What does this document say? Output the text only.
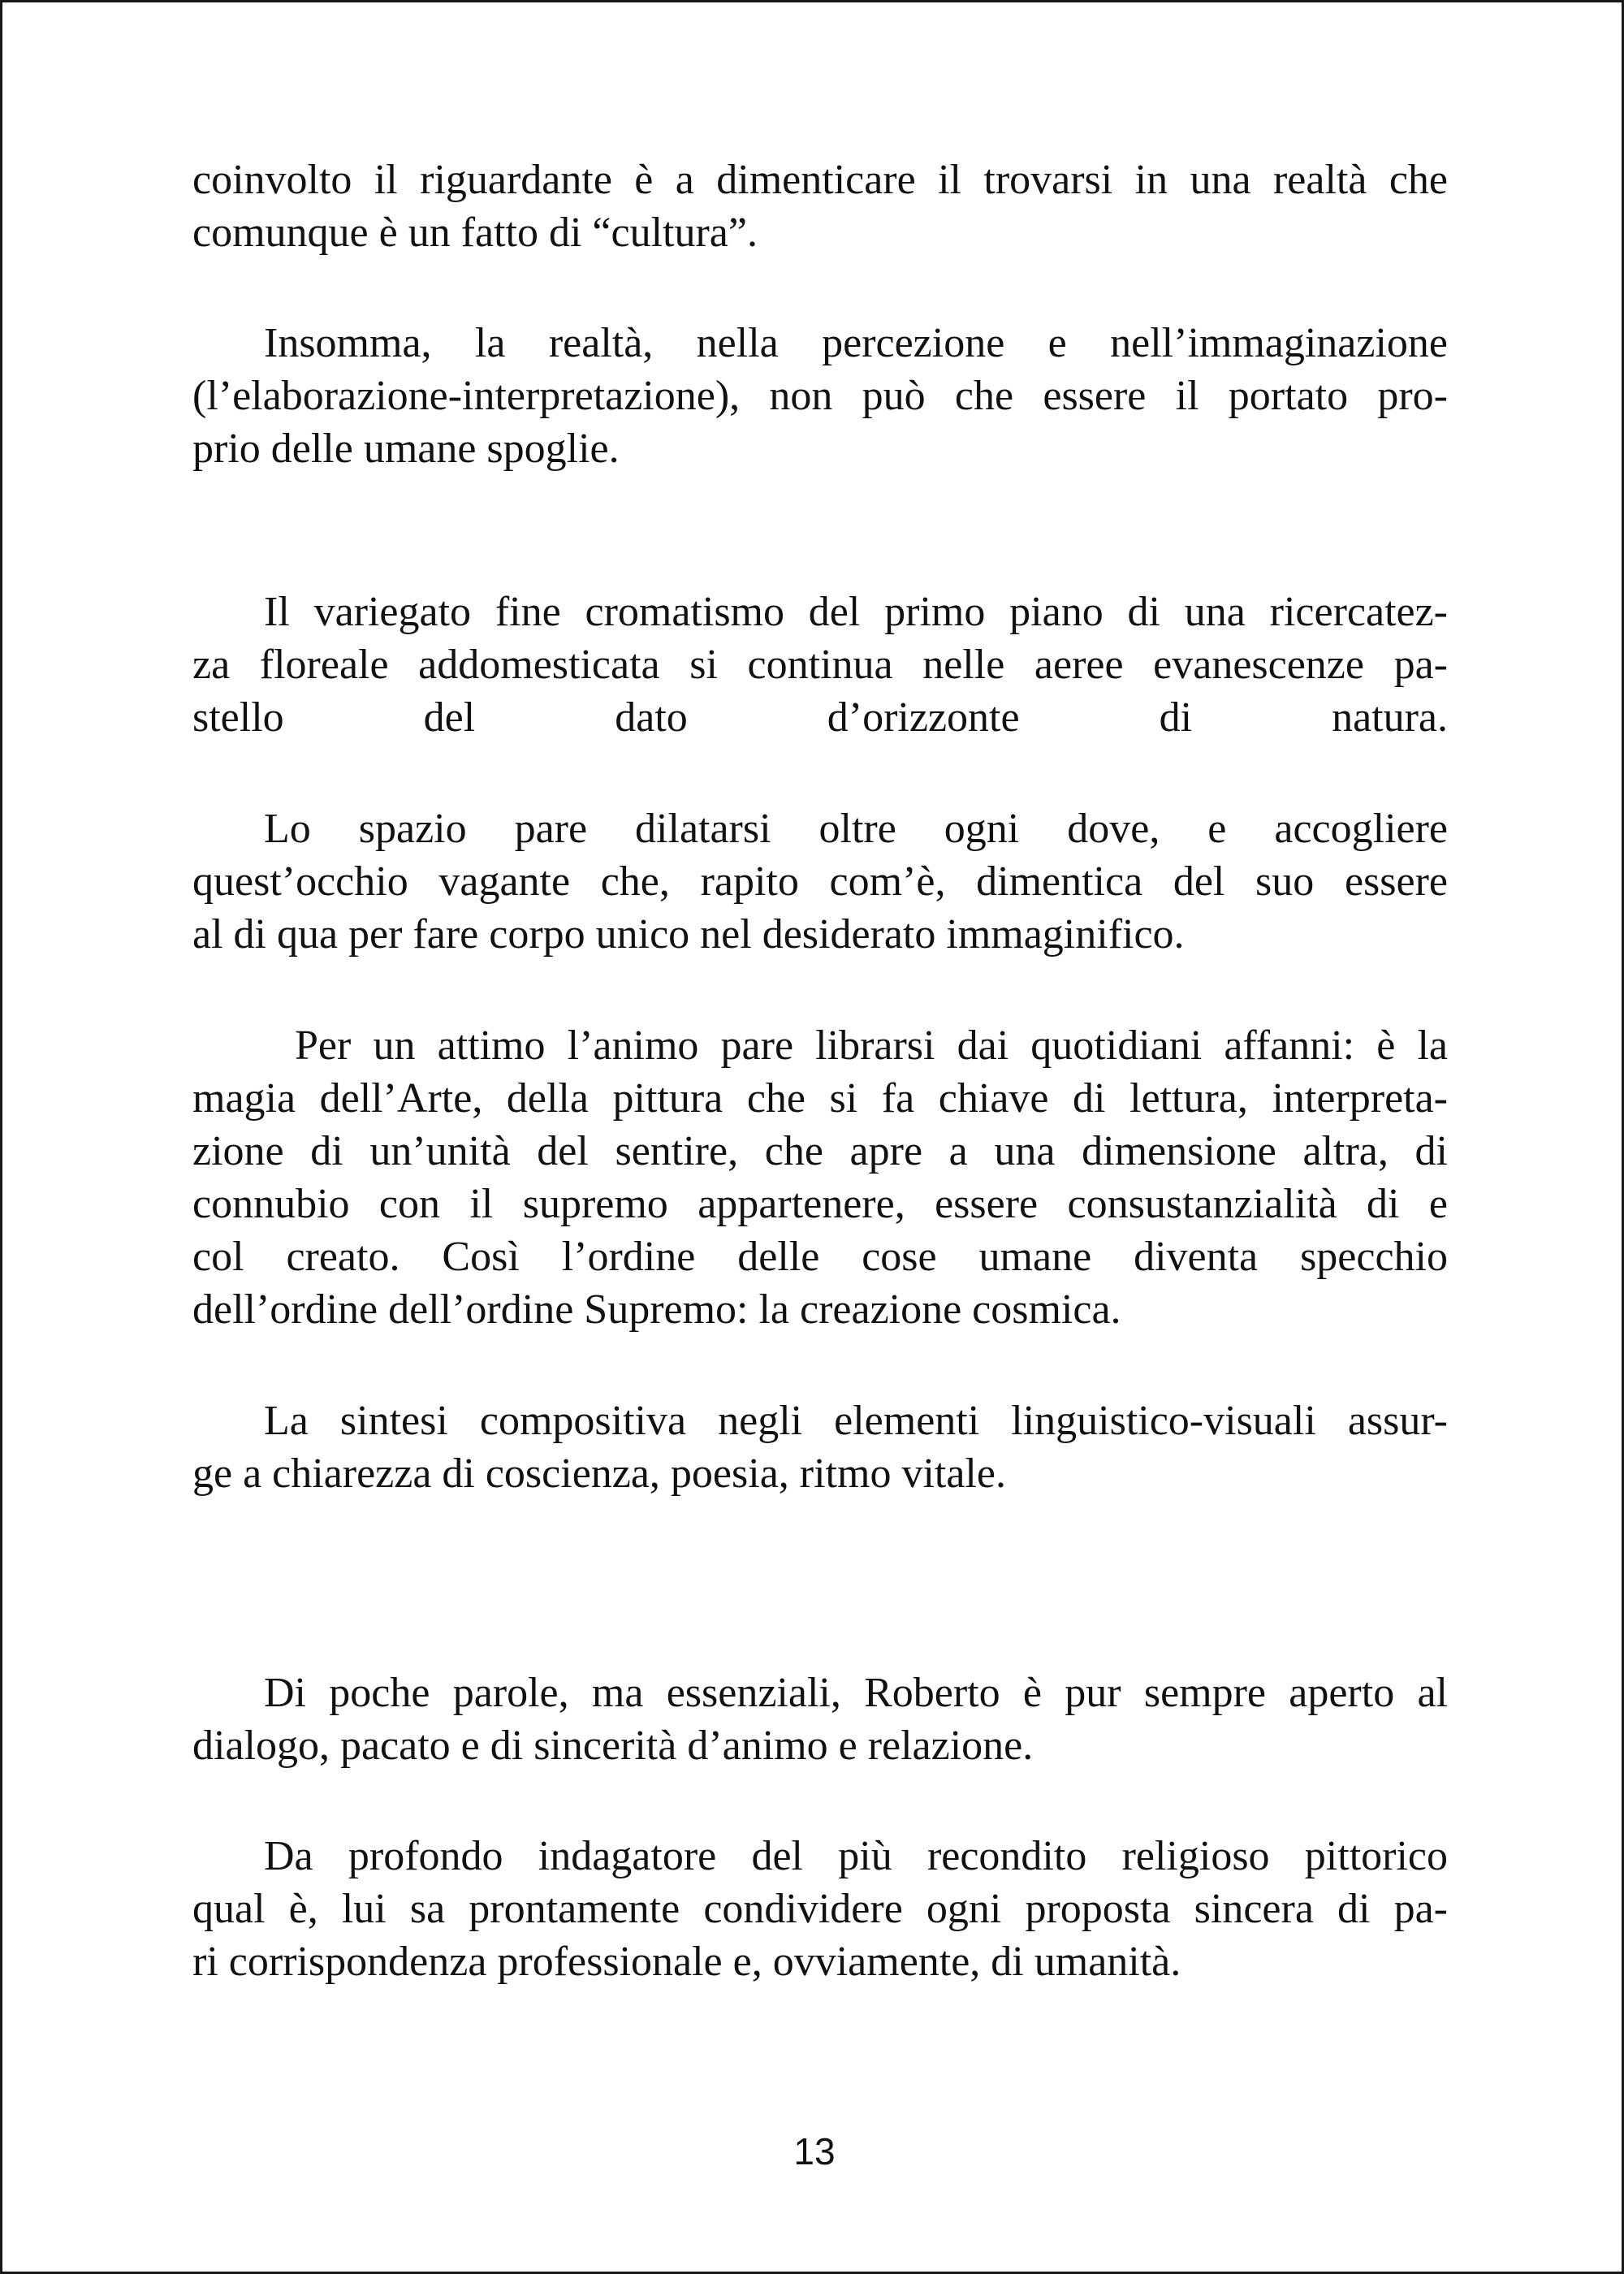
coinvolto il riguardante è a dimenticare il trovarsi in una realtà che
comunque è un fatto di “cultura”.

Insomma, la realtà, nella percezione e nell’immaginazione
(l’elaborazione-interpretazione), non può che essere il portato pro-
prio delle umane spoglie.

Il variegato fine cromatismo del primo piano di una ricercatez-
za floreale addomesticata si continua nelle aeree evanescenze pa-
stello del dato d’orizzonte di natura.

Lo spazio pare dilatarsi oltre ogni dove, e accogliere
quest’occhio vagante che, rapito com’è, dimentica del suo essere
al di qua per fare corpo unico nel desiderato immaginifico.

Per un attimo l’animo pare librarsi dai quotidiani affanni: è la
magia dell’Arte, della pittura che si fa chiave di lettura, interpreta-
zione di un’unità del sentire, che apre a una dimensione altra, di
connubio con il supremo appartenere, essere consustanzialità di e
col creato. Così l’ordine delle cose umane diventa specchio
dell’ordine dell’ordine Supremo: la creazione cosmica.

La sintesi compositiva negli elementi linguistico-visuali assur-
ge a chiarezza di coscienza, poesia, ritmo vitale.

Di poche parole, ma essenziali, Roberto è pur sempre aperto al
dialogo, pacato e di sincerità d’animo e relazione.

Da profondo indagatore del più recondito religioso pittorico
qual è, lui sa prontamente condividere ogni proposta sincera di pa-
ri corrispondenza professionale e, ovviamente, di umanità.

13
